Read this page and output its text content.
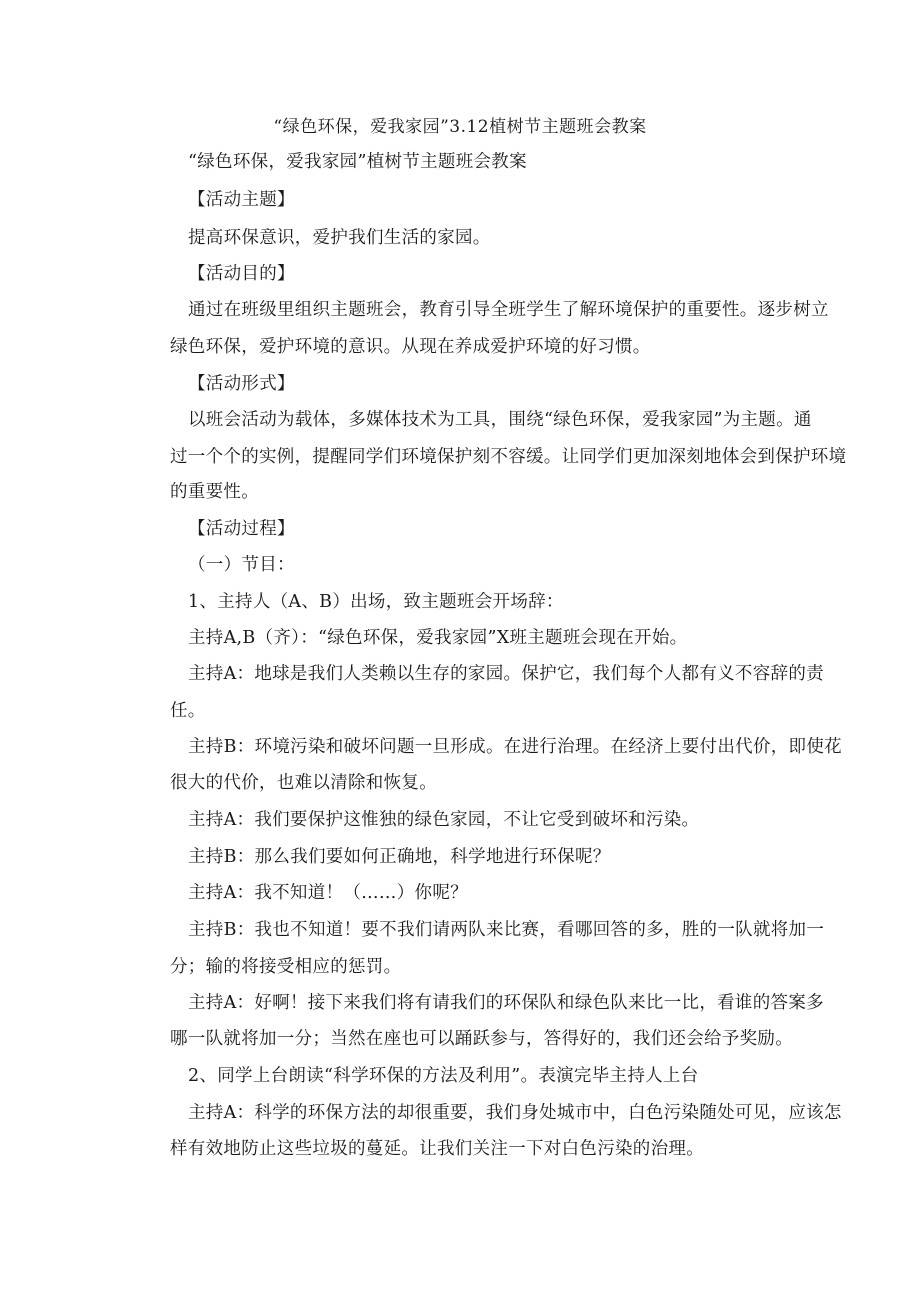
“绿色环保，爱我家园”3.12植树节主题班会教案
“绿色环保，爱我家园”植树节主题班会教案
【活动主题】
提高环保意识，爱护我们生活的家园。
【活动目的】
通过在班级里组织主题班会，教育引导全班学生了解环境保护的重要性。逐步树立
绿色环保，爱护环境的意识。从现在养成爱护环境的好习惯。
【活动形式】
以班会活动为载体，多媒体技术为工具，围绕“绿色环保，爱我家园”为主题。通
过一个个的实例，提醒同学们环境保护刻不容缓。让同学们更加深刻地体会到保护环境
的重要性。
【活动过程】
（一）节目：
1、主持人（A、B）出场，致主题班会开场辞：
主持A,B（齐）：“绿色环保，爱我家园”X班主题班会现在开始。
主持A：地球是我们人类赖以生存的家园。保护它，我们每个人都有义不容辞的责
任。
主持B：环境污染和破坏问题一旦形成。在进行治理。在经济上要付出代价，即使花
很大的代价，也难以清除和恢复。
主持A：我们要保护这惟独的绿色家园，不让它受到破坏和污染。
主持B：那么我们要如何正确地，科学地进行环保呢？
主持A：我不知道！（……）你呢？
主持B：我也不知道！要不我们请两队来比赛，看哪回答的多，胜的一队就将加一
分；输的将接受相应的惩罚。
主持A：好啊！接下来我们将有请我们的环保队和绿色队来比一比，看谁的答案多
哪一队就将加一分；当然在座也可以踊跃参与，答得好的，我们还会给予奖励。
2、同学上台朗读“科学环保的方法及利用”。表演完毕主持人上台
主持A：科学的环保方法的却很重要，我们身处城市中，白色污染随处可见，应该怎
样有效地防止这些垃圾的蔓延。让我们关注一下对白色污染的治理。
